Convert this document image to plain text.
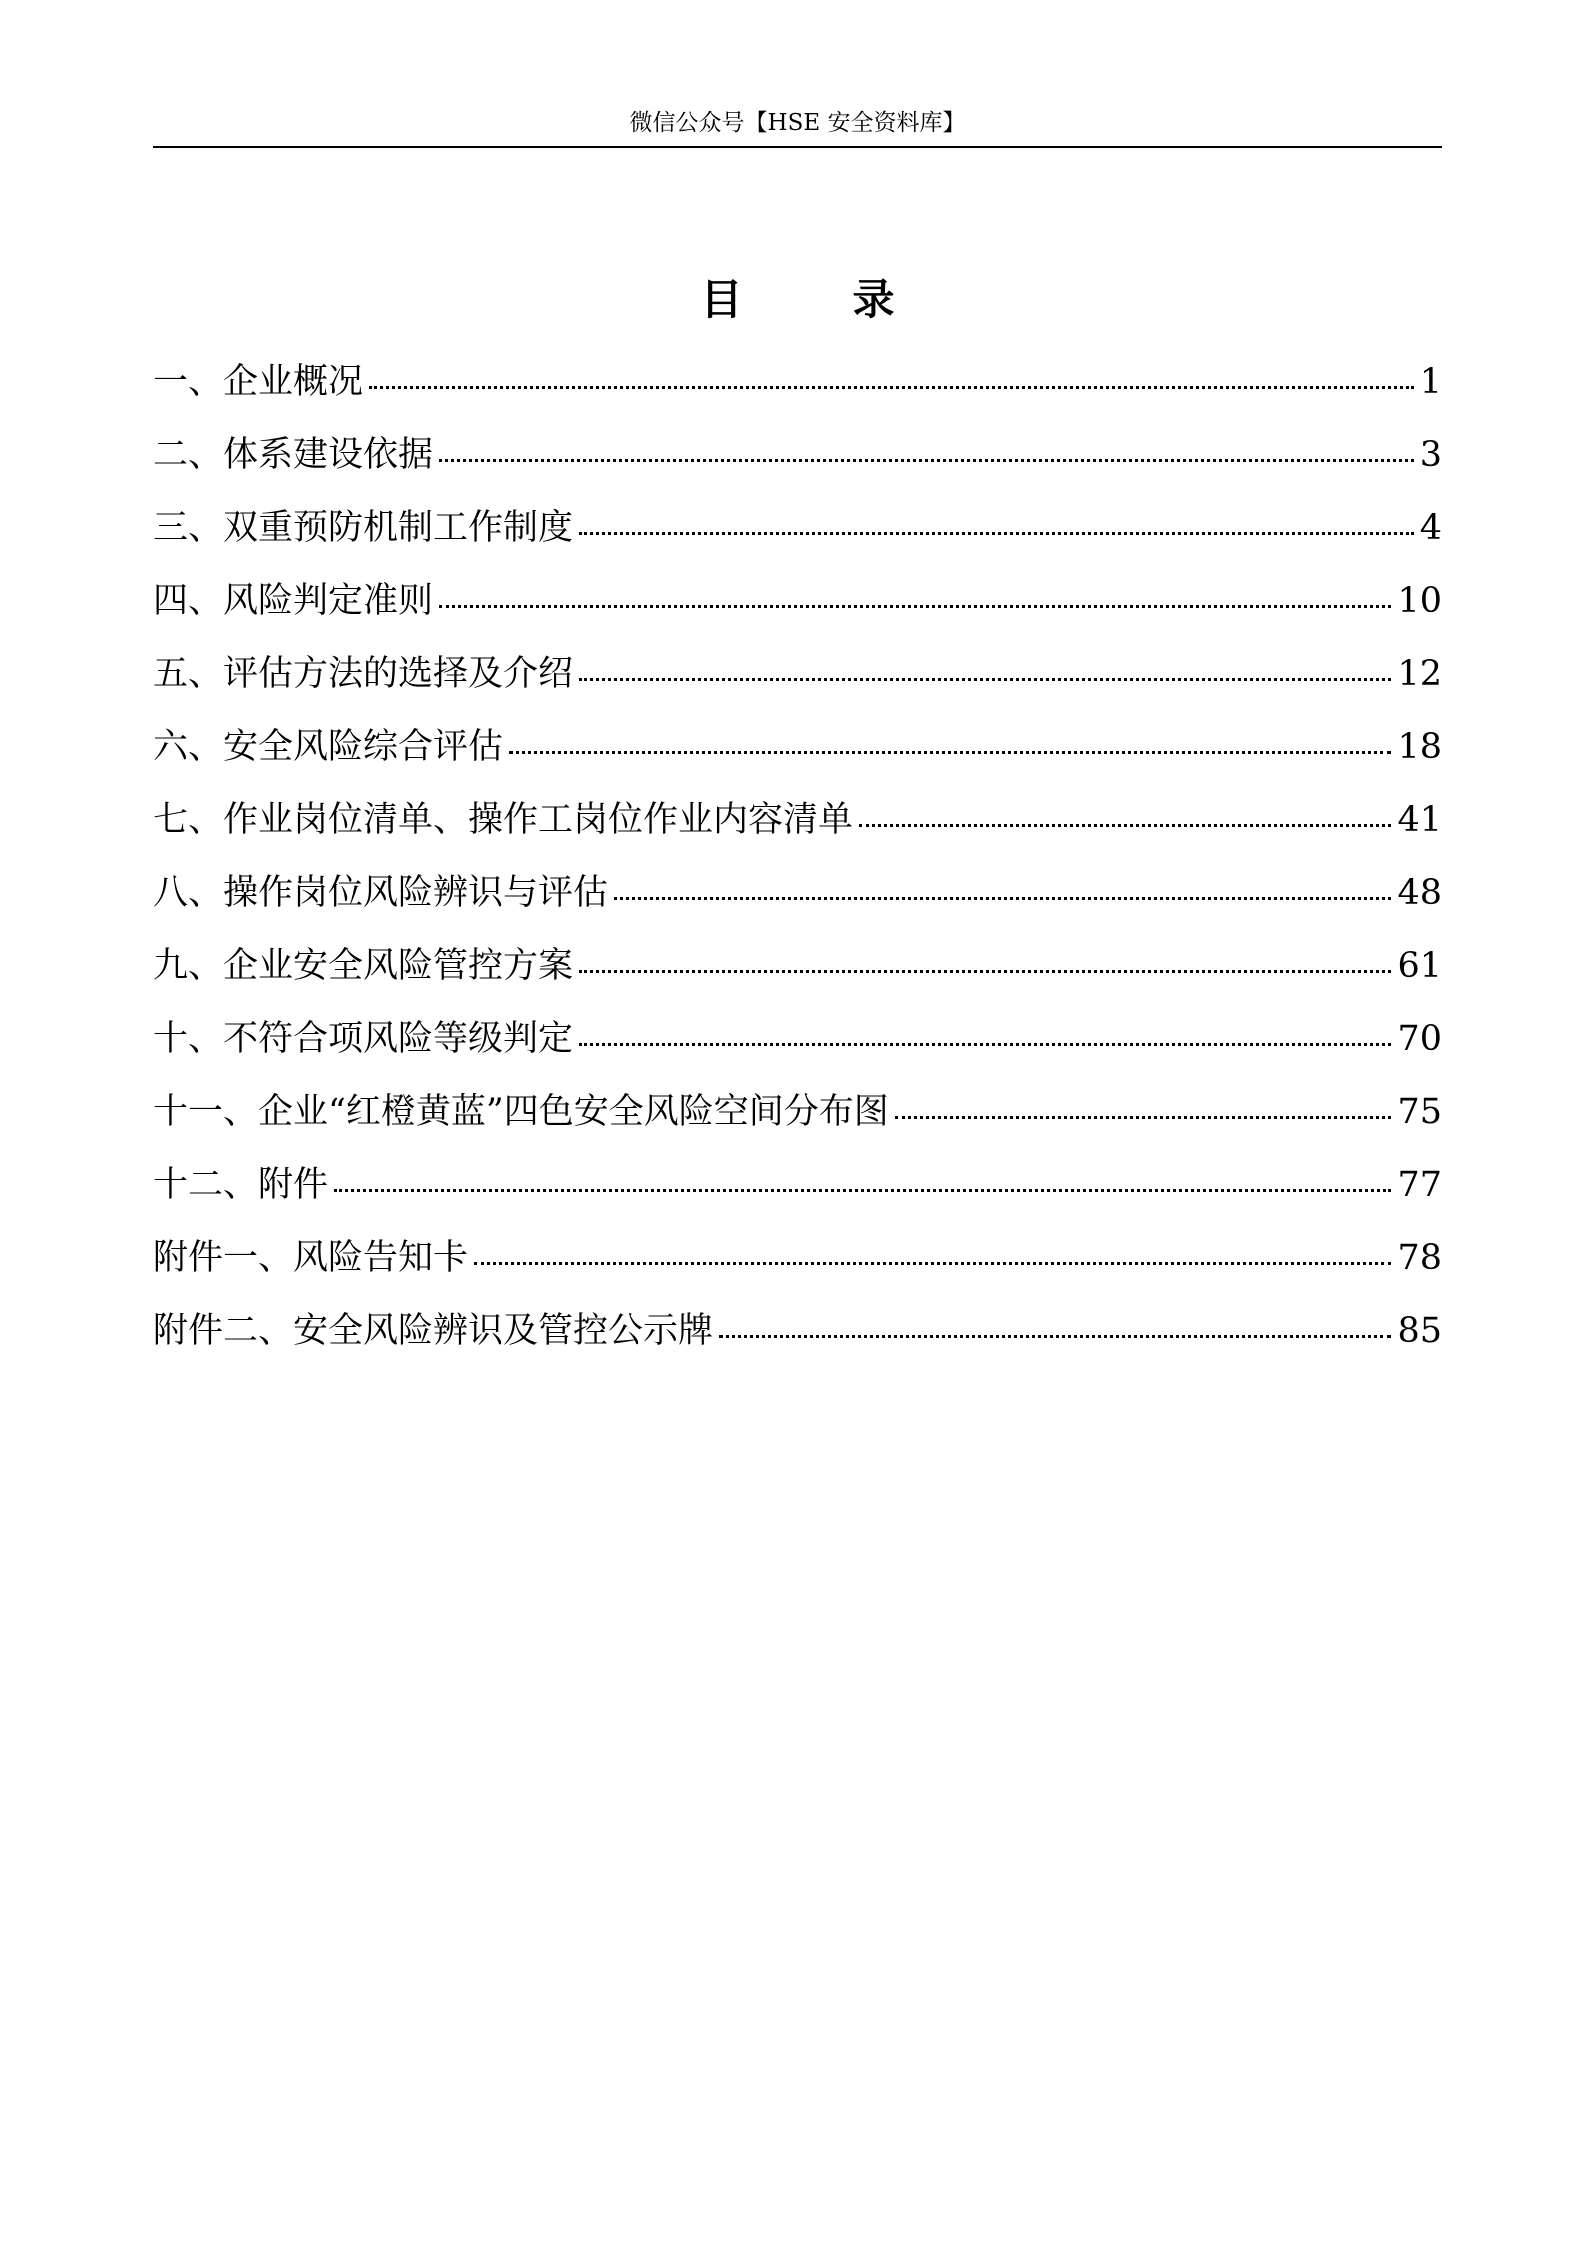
微信公众号【HSE 安全资料库】
目	录
一、企业概况	1
二、体系建设依据	3
三、双重预防机制工作制度	4
四、风险判定准则	10
五、评估方法的选择及介绍	12
六、安全风险综合评估	18
七、作业岗位清单、操作工岗位作业内容清单	41
八、操作岗位风险辨识与评估	48
九、企业安全风险管控方案	61
十、不符合项风险等级判定	70
十一、企业“红橙黄蓝”四色安全风险空间分布图	75
十二、附件	77
附件一、风险告知卡	78
附件二、安全风险辨识及管控公示牌	85
